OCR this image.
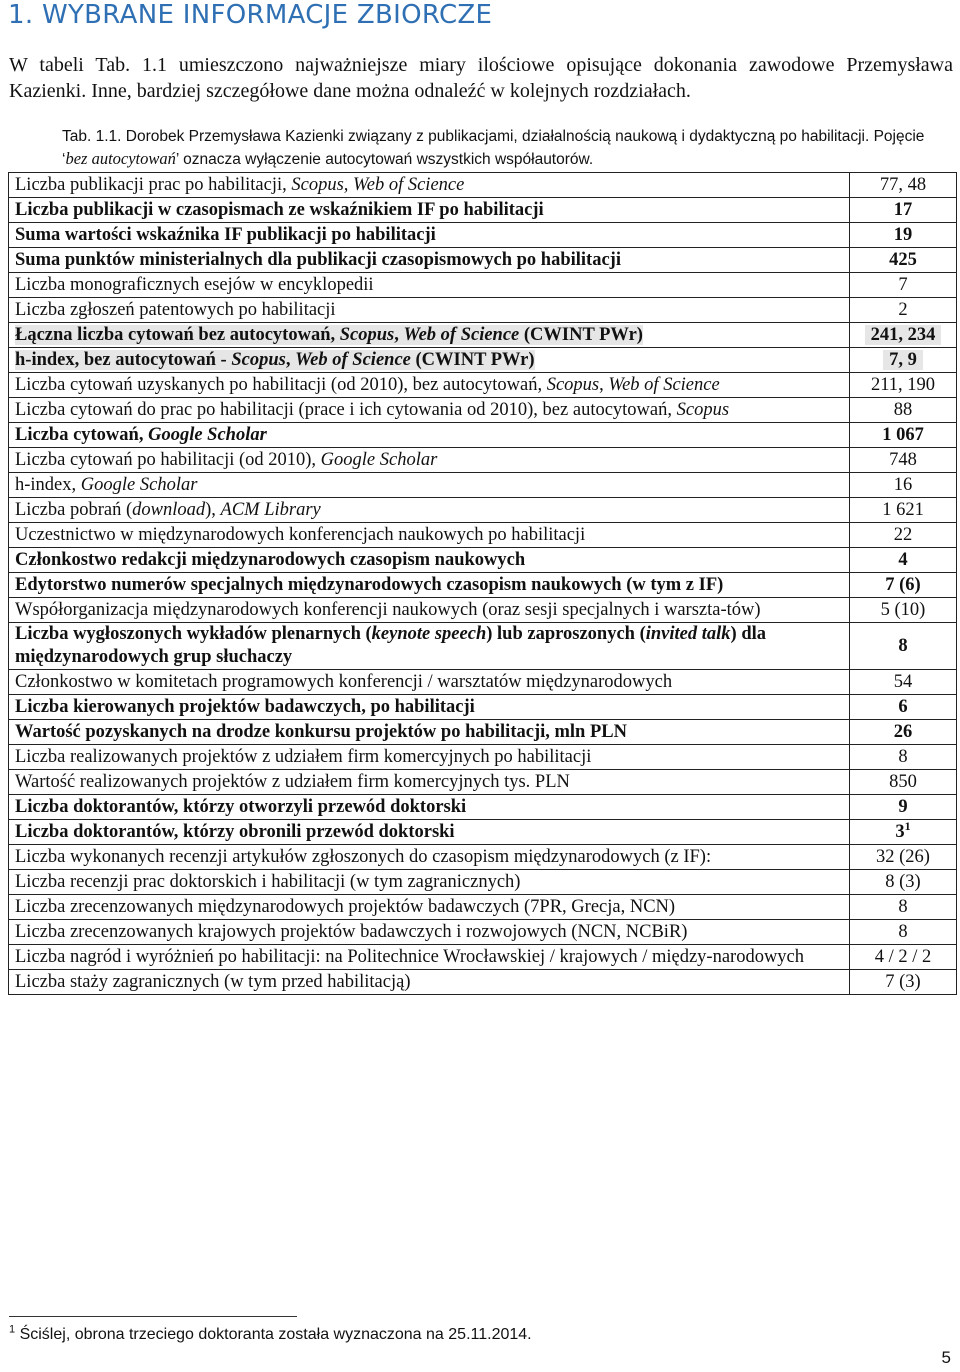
1. WYBRANE INFORMACJE ZBIORCZE

W tabeli Tab. 1.1 umieszczono najważniejsze miary ilościowe opisujące dokonania zawodowe Przemysława Kazienki. Inne, bardziej szczegółowe dane można odnaleźć w kolejnych rozdziałach.

Tab. 1.1. Dorobek Przemysława Kazienki związany z publikacjami, działalnością naukową i dydaktyczną po habilitacji. Pojęcie ‘bez autocytowań’ oznacza wyłączenie autocytowań wszystkich współautorów.

Liczba publikacji prac po habilitacji, Scopus, Web of Science	77, 48
Liczba publikacji w czasopismach ze wskaźnikiem IF po habilitacji	17
Suma wartości wskaźnika IF publikacji po habilitacji	19
Suma punktów ministerialnych dla publikacji czasopismowych po habilitacji	425
Liczba monograficznych esejów w encyklopedii	7
Liczba zgłoszeń patentowych po habilitacji	2
Łączna liczba cytowań bez autocytowań, Scopus, Web of Science (CWINT PWr)	241, 234
h-index, bez autocytowań - Scopus, Web of Science (CWINT PWr)	7, 9
Liczba cytowań uzyskanych po habilitacji (od 2010), bez autocytowań, Scopus, Web of Science	211, 190
Liczba cytowań do prac po habilitacji (prace i ich cytowania od 2010), bez autocytowań, Scopus	88
Liczba cytowań, Google Scholar	1 067
Liczba cytowań po habilitacji (od 2010), Google Scholar	748
h-index, Google Scholar	16
Liczba pobrań (download), ACM Library	1 621
Uczestnictwo w międzynarodowych konferencjach naukowych po habilitacji	22
Członkostwo redakcji międzynarodowych czasopism naukowych	4
Edytorstwo numerów specjalnych międzynarodowych czasopism naukowych (w tym z IF)	7 (6)
Współorganizacja międzynarodowych konferencji naukowych (oraz sesji specjalnych i warszta-tów)	5 (10)
Liczba wygłoszonych wykładów plenarnych (keynote speech) lub zaproszonych (invited talk) dla międzynarodowych grup słuchaczy	8
Członkostwo w komitetach programowych konferencji / warsztatów międzynarodowych	54
Liczba kierowanych projektów badawczych, po habilitacji	6
Wartość pozyskanych na drodze konkursu projektów po habilitacji, mln PLN	26
Liczba realizowanych projektów z udziałem firm komercyjnych po habilitacji	8
Wartość realizowanych projektów z udziałem firm komercyjnych tys. PLN	850
Liczba doktorantów, którzy otworzyli przewód doktorski	9
Liczba doktorantów, którzy obronili przewód doktorski	$3^1$
Liczba wykonanych recenzji artykułów zgłoszonych do czasopism międzynarodowych (z IF):	32 (26)
Liczba recenzji prac doktorskich i habilitacji (w tym zagranicznych)	8 (3)
Liczba zrecenzowanych międzynarodowych projektów badawczych (7PR, Grecja, NCN)	8
Liczba zrecenzowanych krajowych projektów badawczych i rozwojowych (NCN, NCBiR)	8
Liczba nagród i wyróżnień po habilitacji: na Politechnice Wrocławskiej / krajowych / między-narodowych	4 / 2 / 2
Liczba staży zagranicznych (w tym przed habilitacją)	7 (3)

$^1$ Ściślej, obrona trzeciego doktoranta została wyznaczona na 25.11.2014.

5
